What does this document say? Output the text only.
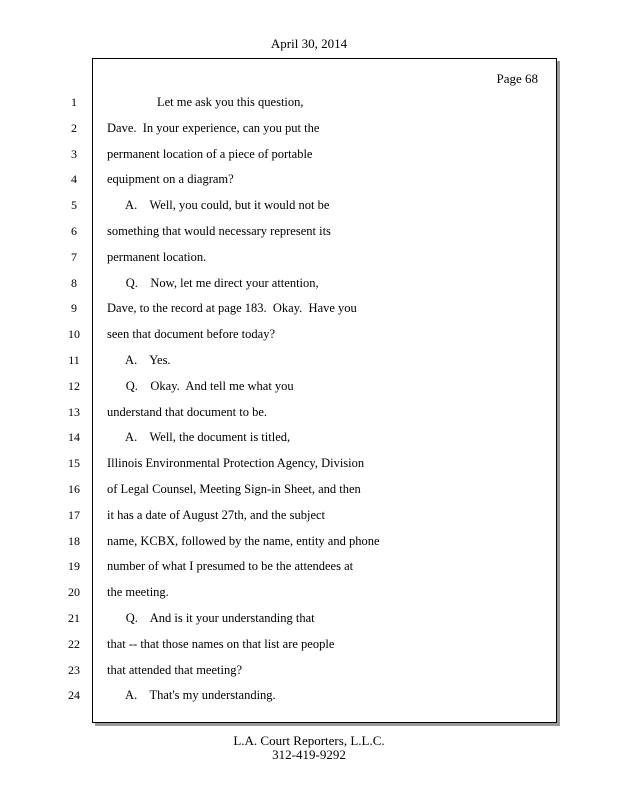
April 30, 2014
Page 68
1	Let me ask you this question,
2	Dave.  In your experience, can you put the
3	permanent location of a piece of portable
4	equipment on a diagram?
5	A.    Well, you could, but it would not be
6	something that would necessary represent its
7	permanent location.
8	Q.    Now, let me direct your attention,
9	Dave, to the record at page 183.  Okay.  Have you
10 seen that document before today?
11 A.    Yes.
12 Q.    Okay.  And tell me what you
13 understand that document to be.
14 A.    Well, the document is titled,
15 Illinois Environmental Protection Agency, Division
16 of Legal Counsel, Meeting Sign-in Sheet, and then
17 it has a date of August 27th, and the subject
18 name, KCBX, followed by the name, entity and phone
19 number of what I presumed to be the attendees at
20 the meeting.
21 Q.    And is it your understanding that
22 that -- that those names on that list are people
23 that attended that meeting?
24 A.    That's my understanding.
L.A. Court Reporters, L.L.C.
312-419-9292
